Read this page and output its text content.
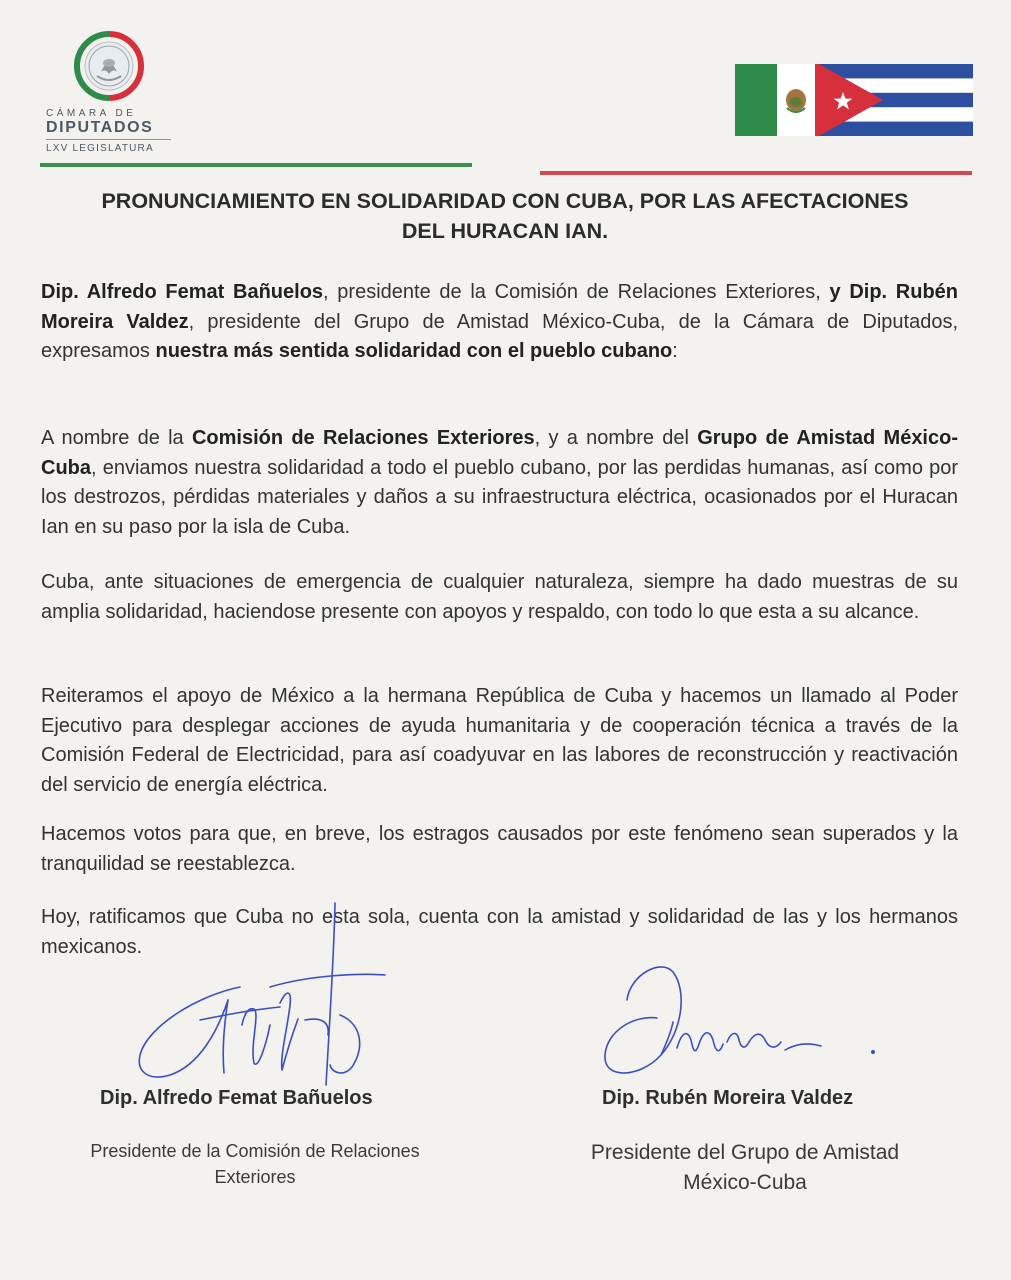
CÁMARA DE
DIPUTADOS
LXV LEGISLATURA
PRONUNCIAMIENTO EN SOLIDARIDAD CON CUBA, POR LAS AFECTACIONES
DEL HURACAN IAN.

Dip. Alfredo Femat Bañuelos, presidente de la Comisión de Relaciones Exteriores, y Dip. Rubén Moreira Valdez, presidente del Grupo de Amistad México-Cuba, de la Cámara de Diputados, expresamos nuestra más sentida solidaridad con el pueblo cubano:

A nombre de la Comisión de Relaciones Exteriores, y a nombre del Grupo de Amistad México-Cuba, enviamos nuestra solidaridad a todo el pueblo cubano, por las perdidas humanas, así como por los destrozos, pérdidas materiales y daños a su infraestructura eléctrica, ocasionados por el Huracan Ian en su paso por la isla de Cuba.

Cuba, ante situaciones de emergencia de cualquier naturaleza, siempre ha dado muestras de su amplia solidaridad, haciendose presente con apoyos y respaldo, con todo lo que esta a su alcance.

Reiteramos el apoyo de México a la hermana República de Cuba y hacemos un llamado al Poder Ejecutivo para desplegar acciones de ayuda humanitaria y de cooperación técnica a través de la Comisión Federal de Electricidad, para así coadyuvar en las labores de reconstrucción y reactivación del servicio de energía eléctrica.

Hacemos votos para que, en breve, los estragos causados por este fenómeno sean superados y la tranquilidad se reestablezca.

Hoy, ratificamos que Cuba no esta sola, cuenta con la amistad y solidaridad de las y los hermanos mexicanos.

Dip. Alfredo Femat Bañuelos	Dip. Rubén Moreira Valdez
Presidente de la Comisión de Relaciones
Exteriores
Presidente del Grupo de Amistad
México-Cuba
